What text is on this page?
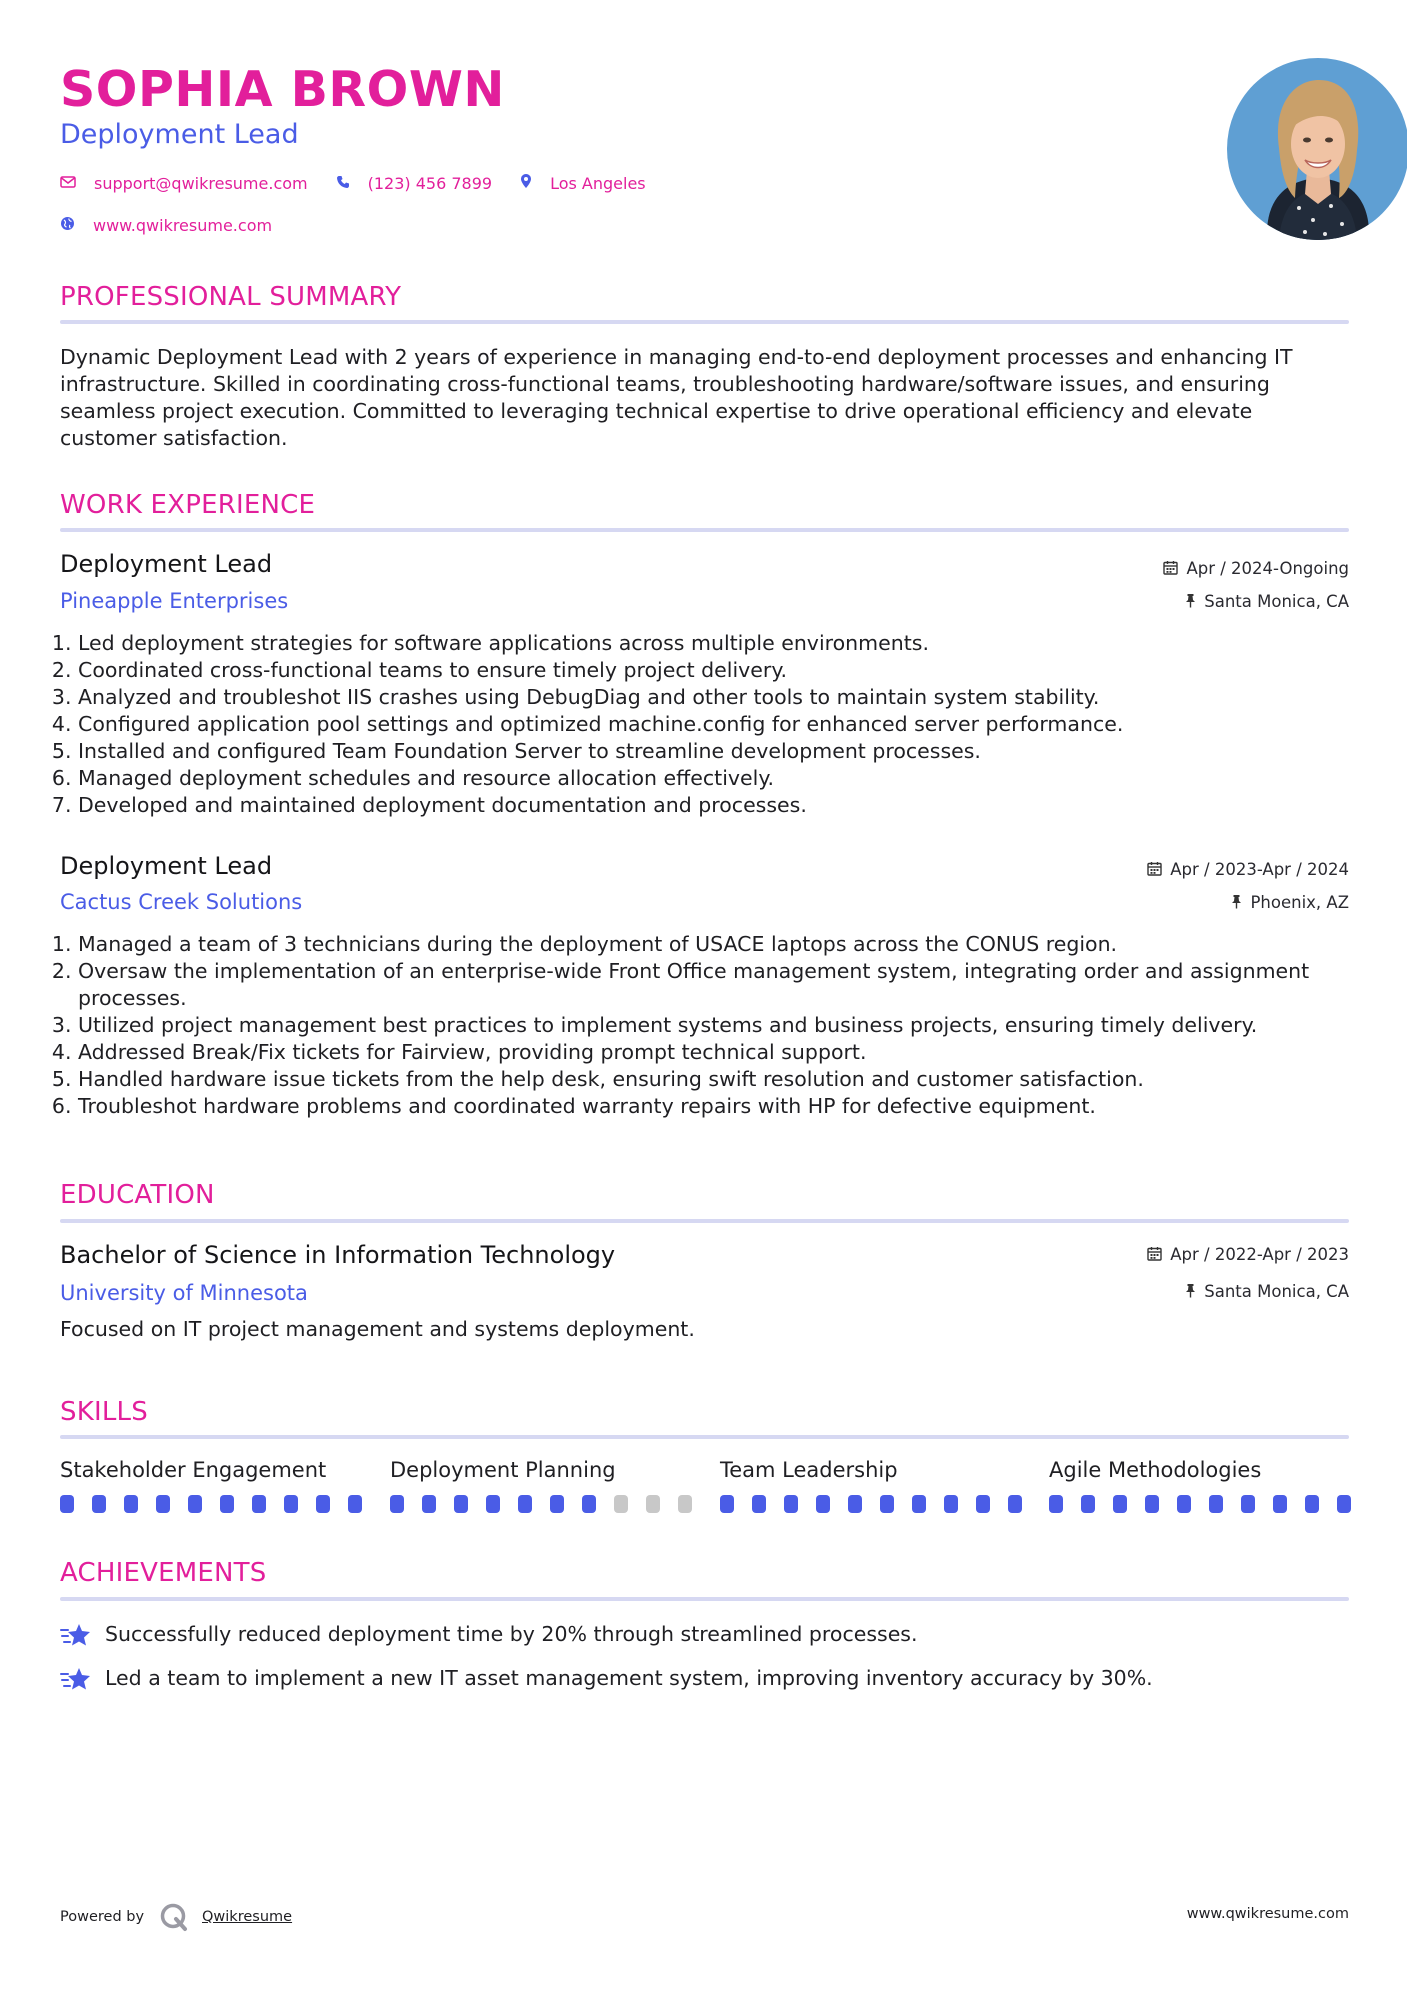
SOPHIA BROWN
Deployment Lead
support@qwikresume.com	(123) 456 7899	Los Angeles
www.qwikresume.com
PROFESSIONAL SUMMARY
Dynamic Deployment Lead with 2 years of experience in managing end-to-end deployment processes and enhancing IT infrastructure. Skilled in coordinating cross-functional teams, troubleshooting hardware/software issues, and ensuring seamless project execution. Committed to leveraging technical expertise to drive operational efficiency and elevate customer satisfaction.
WORK EXPERIENCE
Deployment Lead	Apr / 2024-Ongoing
Pineapple Enterprises	Santa Monica, CA
1. Led deployment strategies for software applications across multiple environments.
2. Coordinated cross-functional teams to ensure timely project delivery.
3. Analyzed and troubleshot IIS crashes using DebugDiag and other tools to maintain system stability.
4. Configured application pool settings and optimized machine.config for enhanced server performance.
5. Installed and configured Team Foundation Server to streamline development processes.
6. Managed deployment schedules and resource allocation effectively.
7. Developed and maintained deployment documentation and processes.
Deployment Lead	Apr / 2023-Apr / 2024
Cactus Creek Solutions	Phoenix, AZ
1. Managed a team of 3 technicians during the deployment of USACE laptops across the CONUS region.
2. Oversaw the implementation of an enterprise-wide Front Office management system, integrating order and assignment processes.
3. Utilized project management best practices to implement systems and business projects, ensuring timely delivery.
4. Addressed Break/Fix tickets for Fairview, providing prompt technical support.
5. Handled hardware issue tickets from the help desk, ensuring swift resolution and customer satisfaction.
6. Troubleshot hardware problems and coordinated warranty repairs with HP for defective equipment.
EDUCATION
Bachelor of Science in Information Technology	Apr / 2022-Apr / 2023
University of Minnesota	Santa Monica, CA
Focused on IT project management and systems deployment.
SKILLS
Stakeholder Engagement	Deployment Planning	Team Leadership	Agile Methodologies
ACHIEVEMENTS
Successfully reduced deployment time by 20% through streamlined processes.
Led a team to implement a new IT asset management system, improving inventory accuracy by 30%.
Powered by	Qwikresume	www.qwikresume.com
